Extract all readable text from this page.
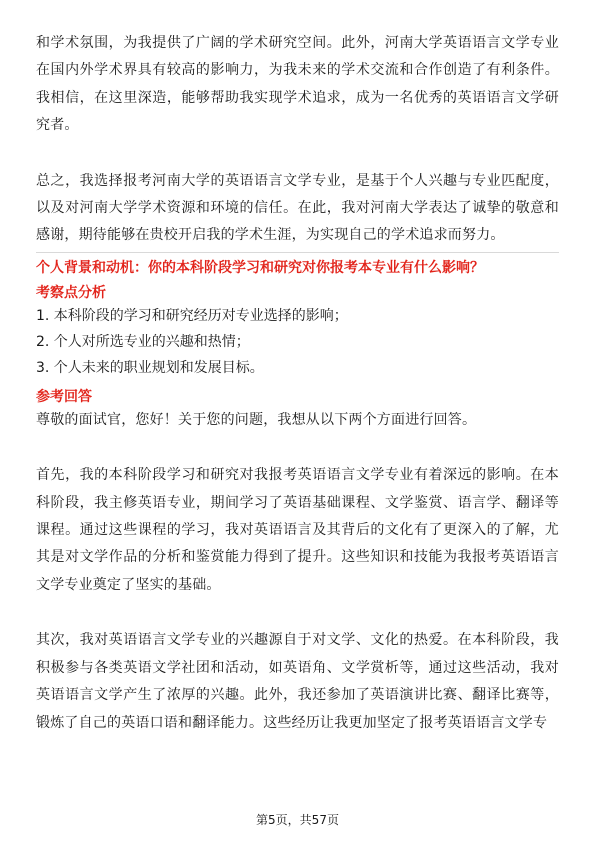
和学术氛围，为我提供了广阔的学术研究空间。此外，河南大学英语语言文学专业在国内外学术界具有较高的影响力，为我未来的学术交流和合作创造了有利条件。我相信，在这里深造，能够帮助我实现学术追求，成为一名优秀的英语语言文学研究者。

总之，我选择报考河南大学的英语语言文学专业，是基于个人兴趣与专业匹配度，以及对河南大学学术资源和环境的信任。在此，我对河南大学表达了诚挚的敬意和感谢，期待能够在贵校开启我的学术生涯，为实现自己的学术追求而努力。

个人背景和动机：你的本科阶段学习和研究对你报考本专业有什么影响？

考察点分析

1. 本科阶段的学习和研究经历对专业选择的影响；

2. 个人对所选专业的兴趣和热情；

3. 个人未来的职业规划和发展目标。

参考回答

尊敬的面试官，您好！关于您的问题，我想从以下两个方面进行回答。

首先，我的本科阶段学习和研究对我报考英语语言文学专业有着深远的影响。在本科阶段，我主修英语专业，期间学习了英语基础课程、文学鉴赏、语言学、翻译等课程。通过这些课程的学习，我对英语语言及其背后的文化有了更深入的了解，尤其是对文学作品的分析和鉴赏能力得到了提升。这些知识和技能为我报考英语语言文学专业奠定了坚实的基础。

其次，我对英语语言文学专业的兴趣源自于对文学、文化的热爱。在本科阶段，我积极参与各类英语文学社团和活动，如英语角、文学赏析等，通过这些活动，我对英语语言文学产生了浓厚的兴趣。此外，我还参加了英语演讲比赛、翻译比赛等，锻炼了自己的英语口语和翻译能力。这些经历让我更加坚定了报考英语语言文学专

第5页，共57页
